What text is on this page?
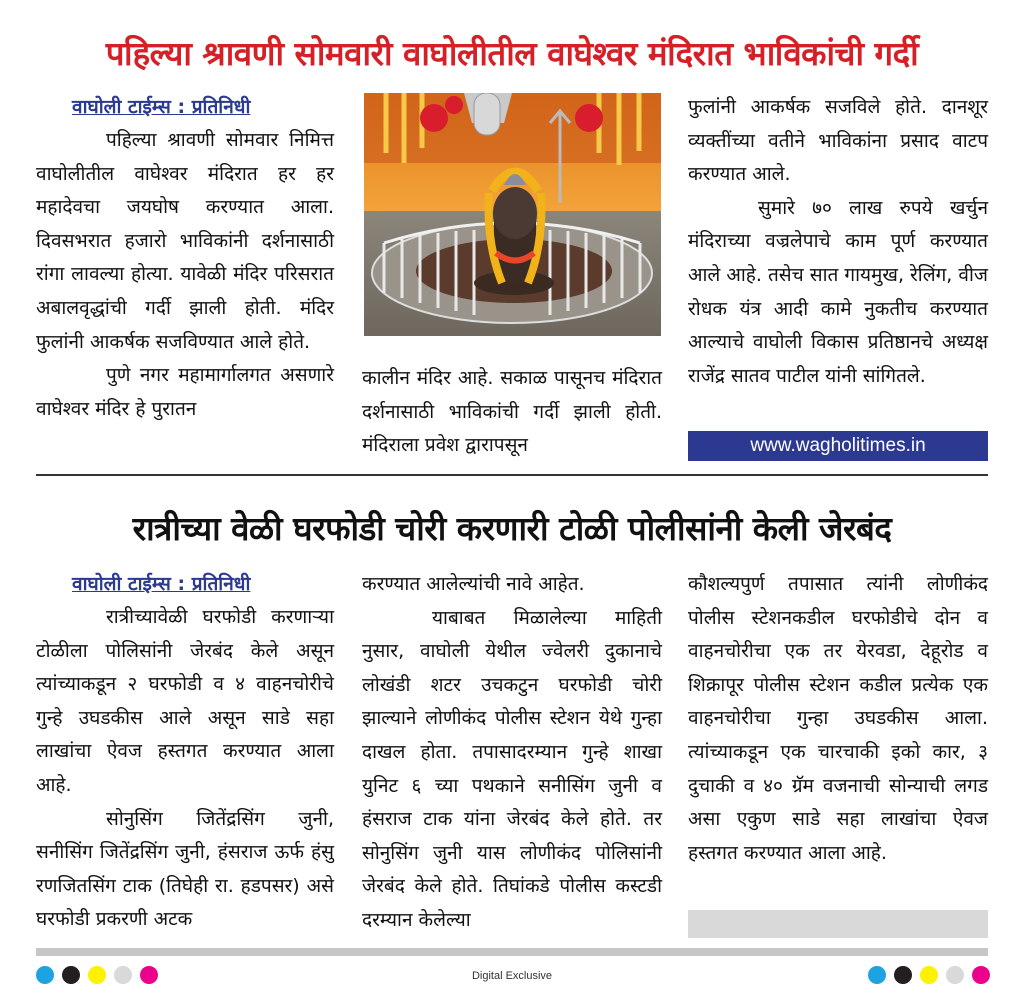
पहिल्या श्रावणी सोमवारी वाघोलीतील वाघेश्वर मंदिरात भाविकांची गर्दी
वाघोली टाईम्स : प्रतिनिधी

पहिल्या श्रावणी सोमवार निमित्त वाघोलीतील वाघेश्वर मंदिरात हर हर महादेवचा जयघोष करण्यात आला. दिवसभरात हजारो भाविकांनी दर्शनासाठी रांगा लावल्या होत्या. यावेळी मंदिर परिसरात अबालवृद्धांची गर्दी झाली होती. मंदिर फुलांनी आकर्षक सजविण्यात आले होते.

पुणे नगर महामार्गालगत असणारे वाघेश्वर मंदिर हे पुरातन

कालीन मंदिर आहे. सकाळ पासूनच मंदिरात दर्शनासाठी भाविकांची गर्दी झाली होती. मंदिराला प्रवेश द्वारापसून

फुलांनी आकर्षक सजविले होते. दानशूर व्यक्तींच्या वतीने भाविकांना प्रसाद वाटप करण्यात आले.

सुमारे ७० लाख रुपये खर्चुन मंदिराच्या वज्रलेपाचे काम पूर्ण करण्यात आले आहे. तसेच सात गायमुख, रेलिंग, वीज रोधक यंत्र आदी कामे नुकतीच करण्यात आल्याचे वाघोली विकास प्रतिष्ठानचे अध्यक्ष राजेंद्र सातव पाटील यांनी सांगितले.

www.wagholitimes.in
रात्रीच्या वेळी घरफोडी चोरी करणारी टोळी पोलीसांनी केली जेरबंद
वाघोली टाईम्स : प्रतिनिधी

रात्रीच्यावेळी घरफोडी करणाऱ्या टोळीला पोलिसांनी जेरबंद केले असून त्यांच्याकडून २ घरफोडी व ४ वाहनचोरीचे गुन्हे उघडकीस आले असून साडे सहा लाखांचा ऐवज हस्तगत करण्यात आला आहे.

सोनुसिंग जितेंद्रसिंग जुनी, सनीसिंग जितेंद्रसिंग जुनी, हंसराज ऊर्फ हंसु रणजितसिंग टाक (तिघेही रा. हडपसर) असे घरफोडी प्रकरणी अटक

करण्यात आलेल्यांची नावे आहेत.

याबाबत मिळालेल्या माहिती नुसार, वाघोली येथील ज्वेलरी दुकानाचे लोखंडी शटर उचकटुन घरफोडी चोरी झाल्याने लोणीकंद पोलीस स्टेशन येथे गुन्हा दाखल होता. तपासादरम्यान गुन्हे शाखा युनिट ६ च्या पथकाने सनीसिंग जुनी व हंसराज टाक यांना जेरबंद केले होते. तर सोनुसिंग जुनी यास लोणीकंद पोलिसांनी जेरबंद केले होते. तिघांकडे पोलीस कस्टडी दरम्यान केलेल्या

कौशल्यपुर्ण तपासात त्यांनी लोणीकंद पोलीस स्टेशनकडील घरफोडीचे दोन व वाहनचोरीचा एक तर येरवडा, देहूरोड व शिक्रापूर पोलीस स्टेशन कडील प्रत्येक एक वाहनचोरीचा गुन्हा उघडकीस आला. त्यांच्याकडून एक चारचाकी इको कार, ३ दुचाकी व ४० ग्रॅम वजनाची सोन्याची लगड असा एकुण साडे सहा लाखांचा ऐवज हस्तगत करण्यात आला आहे.

Digital Exclusive
